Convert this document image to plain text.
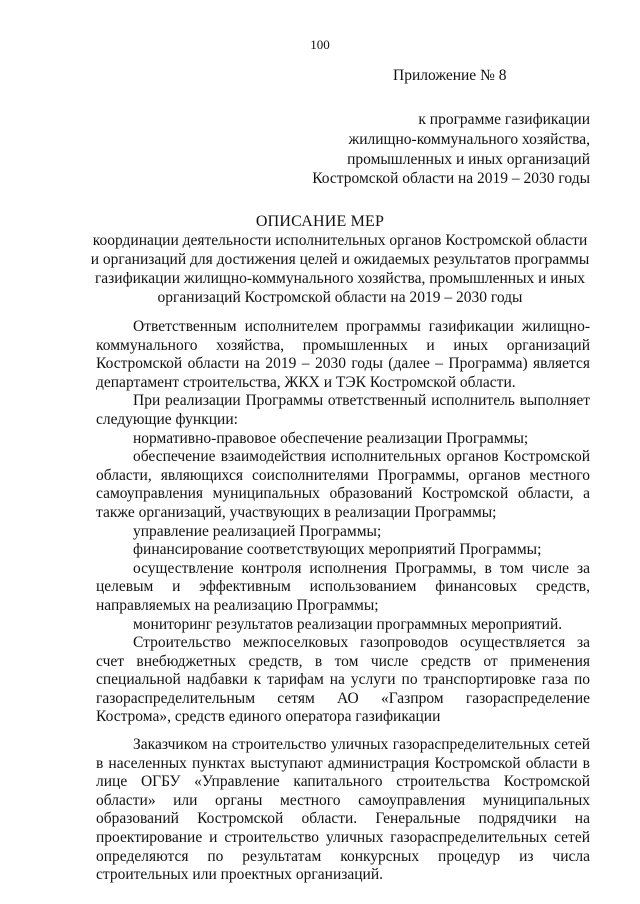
100
Приложение № 8
к программе газификации
жилищно-коммунального хозяйства,
промышленных и иных организаций
Костромской области на 2019 – 2030 годы
ОПИСАНИЕ МЕР
координации деятельности исполнительных органов Костромской области
и организаций для достижения целей и ожидаемых результатов программы
газификации жилищно-коммунального хозяйства, промышленных и иных
организаций Костромской области на 2019 – 2030 годы

Ответственным исполнителем программы газификации жилищно-коммунального хозяйства, промышленных и иных организаций Костромской области на 2019 – 2030 годы (далее – Программа) является департамент строительства, ЖКХ и ТЭК Костромской области.

При реализации Программы ответственный исполнитель выполняет следующие функции:

нормативно-правовое обеспечение реализации Программы;

обеспечение взаимодействия исполнительных органов Костромской области, являющихся соисполнителями Программы, органов местного самоуправления муниципальных образований Костромской области, а также организаций, участвующих в реализации Программы;

управление реализацией Программы;

финансирование соответствующих мероприятий Программы;

осуществление контроля исполнения Программы, в том числе за целевым и эффективным использованием финансовых средств, направляемых на реализацию Программы;

мониторинг результатов реализации программных мероприятий.

Строительство межпоселковых газопроводов осуществляется за счет внебюджетных средств, в том числе средств от применения специальной надбавки к тарифам на услуги по транспортировке газа по газораспределительным сетям АО «Газпром газораспределение Кострома», средств единого оператора газификации

Заказчиком на строительство уличных газораспределительных сетей в населенных пунктах выступают администрация Костромской области в лице ОГБУ «Управление капитального строительства Костромской области» или органы местного самоуправления муниципальных образований Костромской области. Генеральные подрядчики на проектирование и строительство уличных газораспределительных сетей определяются по результатам конкурсных процедур из числа строительных или проектных организаций.
